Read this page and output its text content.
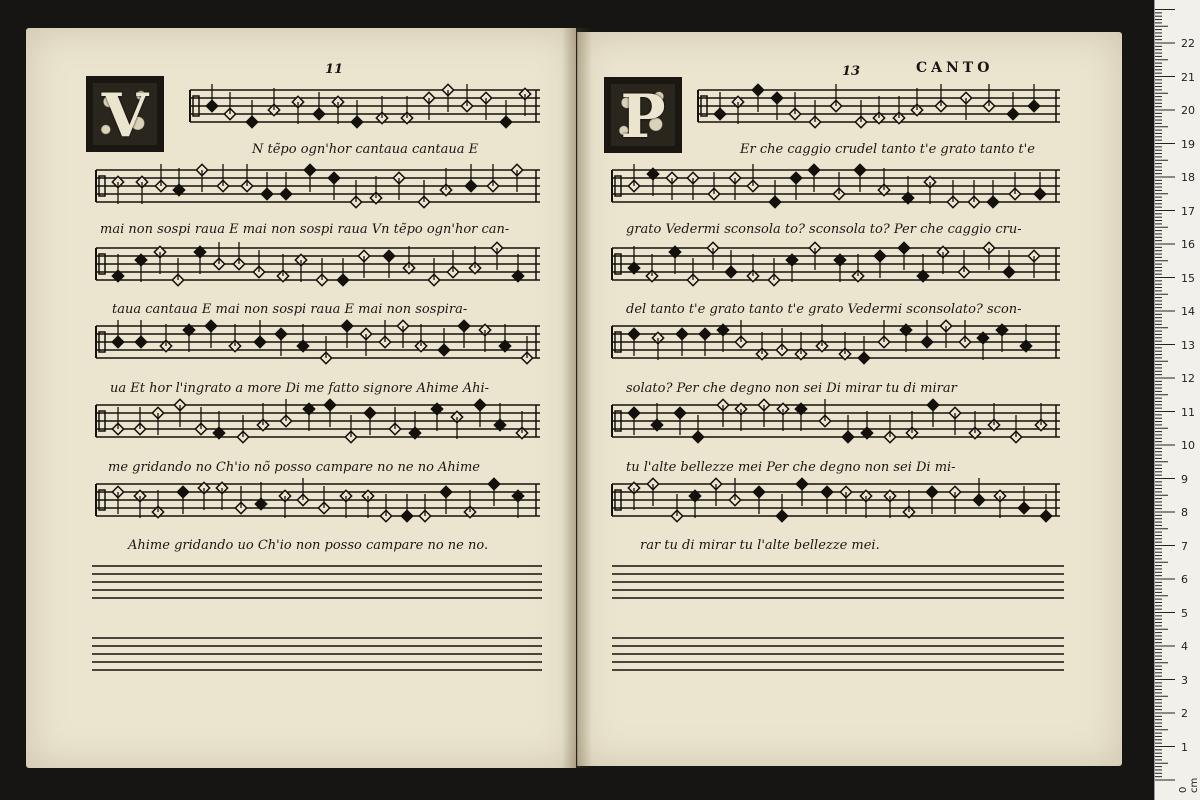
V	P
11	13	CANTO
N tẽpo ogn'hor cantaua cantaua E
mai non sospi raua E mai non sospi raua Vn tẽpo ogn'hor can-
taua cantaua E mai non sospi raua E mai non sospira-
ua Et hor l'ingrato a more Di me fatto signore Ahime Ahi-
me gridando no Ch'io nõ posso campare no ne no Ahime
Ahime gridando uo Ch'io non posso campare no ne no.
Er che caggio crudel tanto t'e grato tanto t'e
grato Vedermi sconsola to? sconsola to? Per che caggio cru-
del tanto t'e grato tanto t'e grato Vedermi sconsolato? scon-
solato? Per che degno non sei Di mirar tu di mirar
tu l'alte bellezze mei Per che degno non sei Di mi-
rar tu di mirar tu l'alte bellezze mei.
0 cm
1
2
3
4
5
6
7
8
9
10
11
12
13
14
15
16
17
18
19
20
21
22
